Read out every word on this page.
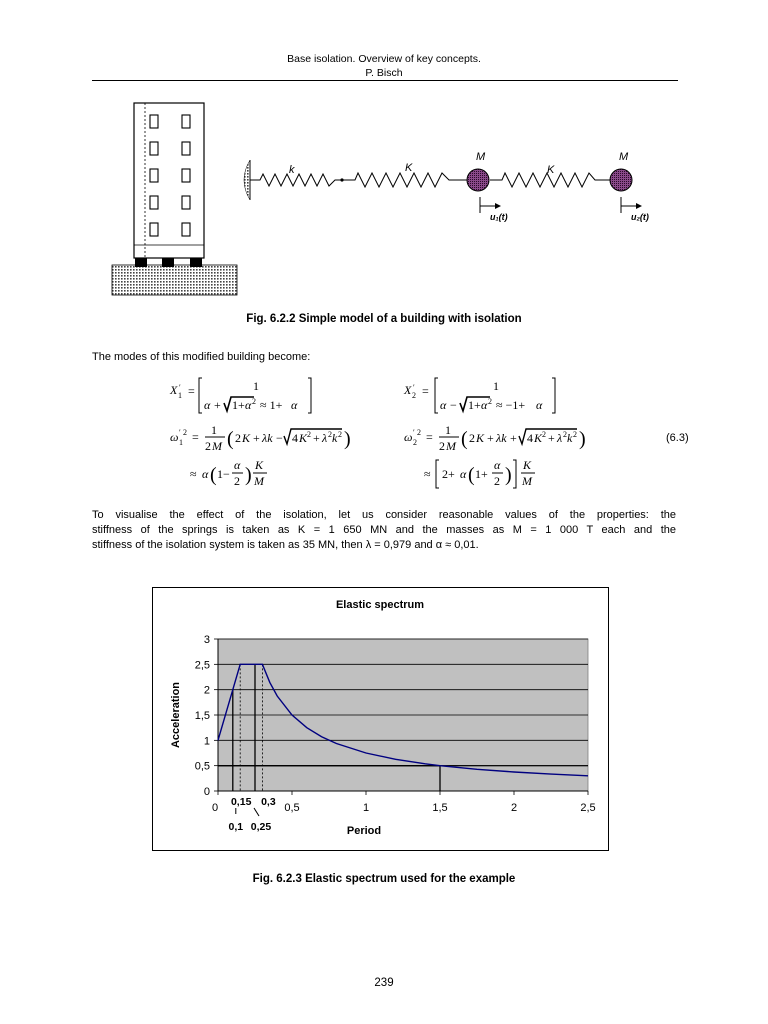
Base isolation. Overview of key concepts.
P. Bisch
k	K	K
M	M
u₁(t)	u₂(t)
Fig. 6.2.2 Simple model of a building with isolation
The modes of this modified building become:
X ′
1 =	1
α + 1+ α 2 ≈ 1+ α
ω ′ 2
1 = 1
2 M ( 2 K + λk − 4 K 2 + λ 2 k 2 )
≈ α ( 1−
α
2 ) K
M
X ′
2 =	1
α − 1+ α 2 ≈ −1+ α
ω ′ 2
2 = 1
2 M ( 2 K + λk + 4 K 2 + λ 2 k 2 )
≈ 2+ α ( 1+
α
2 ) K
M
(6.3)
To visualise the effect of the isolation, let us consider reasonable values of the properties: the
stiffness of the springs is taken as K = 1 650 MN and the masses as M = 1 000 T each and the
stiffness of the isolation system is taken as 35 MN, then λ = 0,979 and α ≈ 0,01.
Elastic spectrum
0
0,5
1
1,5
2
2,5
3
0	0,5	1	1,5	2	2,5
0,1
0,15
0,25
0,3
Period
Acceleration
Fig. 6.2.3 Elastic spectrum used for the example
239
